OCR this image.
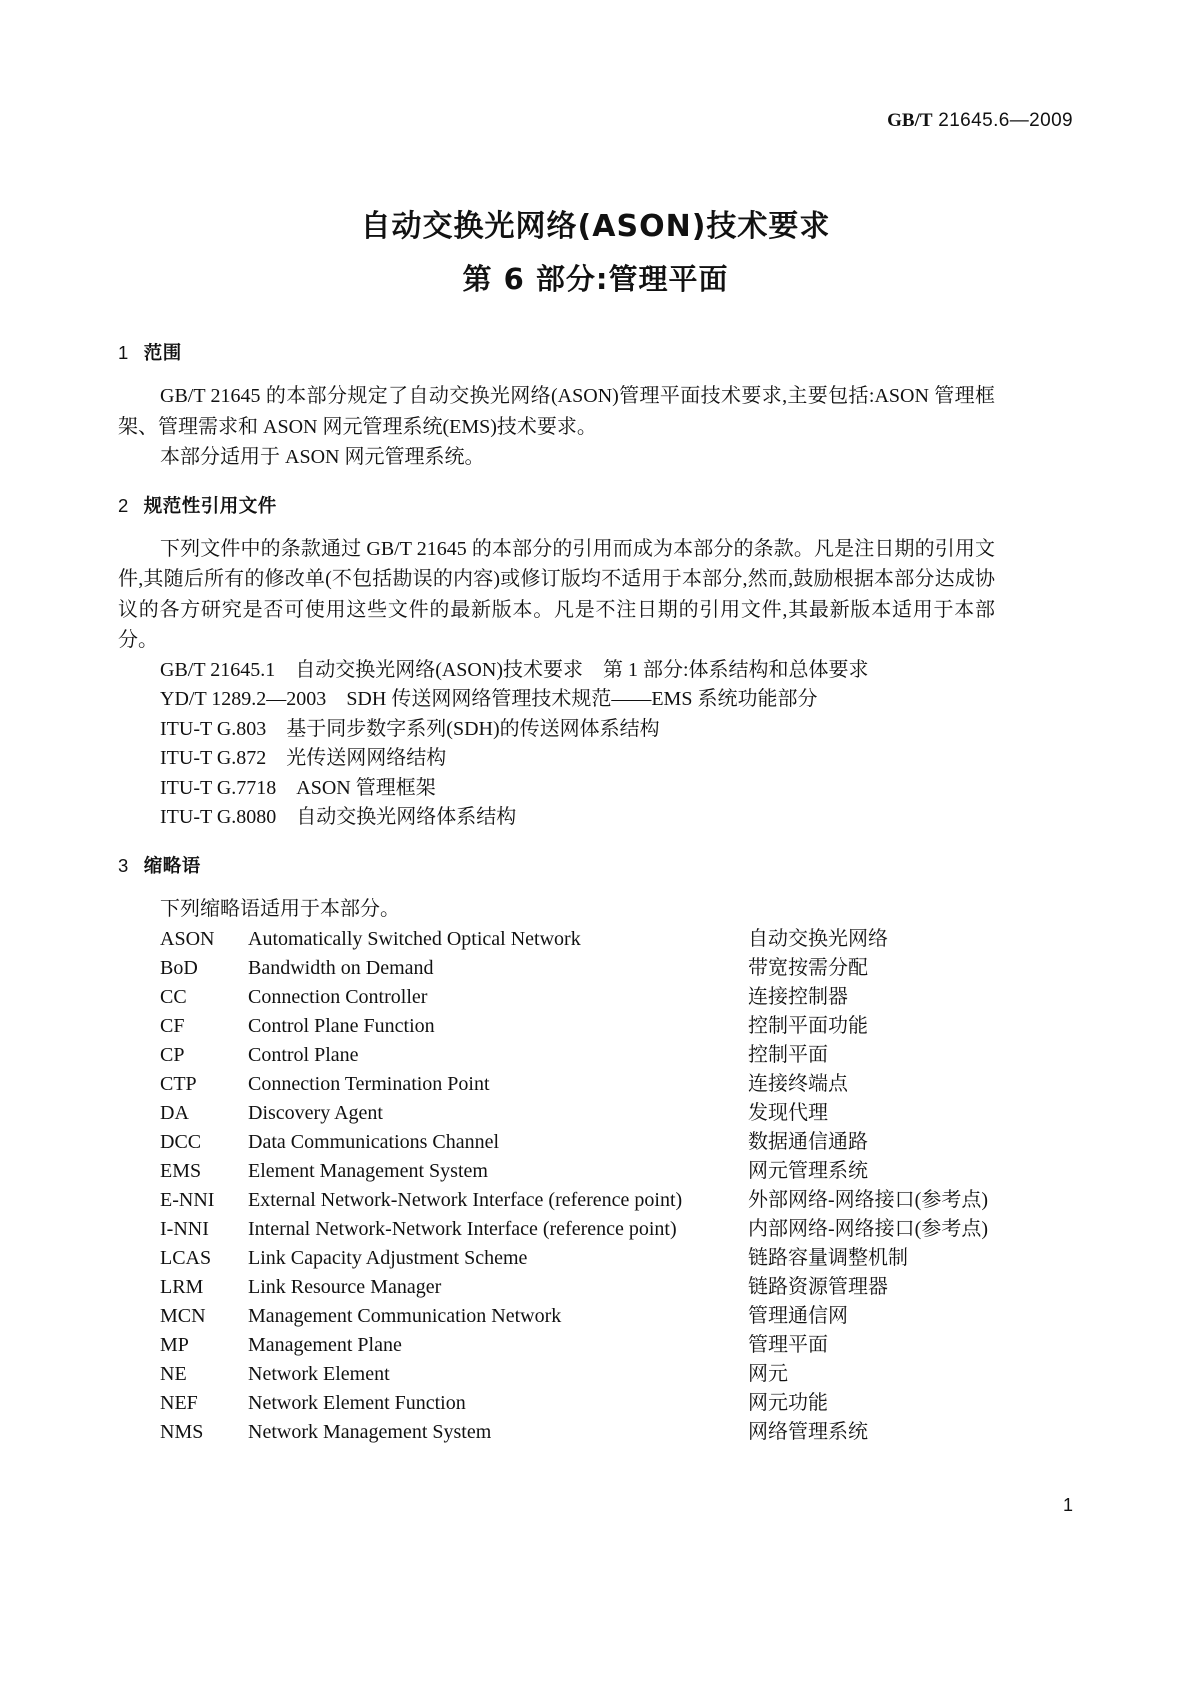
GB/T 21645.6—2009
自动交换光网络(ASON)技术要求
第 6 部分:管理平面
1 范围

GB/T 21645 的本部分规定了自动交换光网络(ASON)管理平面技术要求,主要包括:ASON 管理框架、管理需求和 ASON 网元管理系统(EMS)技术要求。

本部分适用于 ASON 网元管理系统。

2 规范性引用文件

下列文件中的条款通过 GB/T 21645 的本部分的引用而成为本部分的条款。凡是注日期的引用文件,其随后所有的修改单(不包括勘误的内容)或修订版均不适用于本部分,然而,鼓励根据本部分达成协议的各方研究是否可使用这些文件的最新版本。凡是不注日期的引用文件,其最新版本适用于本部分。

GB/T 21645.1 自动交换光网络(ASON)技术要求　第 1 部分:体系结构和总体要求
YD/T 1289.2—2003 SDH 传送网网络管理技术规范——EMS 系统功能部分
ITU-T G.803 基于同步数字系列(SDH)的传送网体系结构
ITU-T G.872 光传送网网络结构
ITU-T G.7718 ASON 管理框架
ITU-T G.8080 自动交换光网络体系结构
3 缩略语

下列缩略语适用于本部分。

ASON	Automatically Switched Optical Network	自动交换光网络
BoD	Bandwidth on Demand	带宽按需分配
CC	Connection Controller	连接控制器
CF	Control Plane Function	控制平面功能
CP	Control Plane	控制平面
CTP	Connection Termination Point	连接终端点
DA	Discovery Agent	发现代理
DCC	Data Communications Channel	数据通信通路
EMS	Element Management System	网元管理系统
E-NNI	External Network-Network Interface (reference point)	外部网络-网络接口(参考点)
I-NNI	Internal Network-Network Interface (reference point)	内部网络-网络接口(参考点)
LCAS	Link Capacity Adjustment Scheme	链路容量调整机制
LRM	Link Resource Manager	链路资源管理器
MCN	Management Communication Network	管理通信网
MP	Management Plane	管理平面
NE	Network Element	网元
NEF	Network Element Function	网元功能
NMS	Network Management System	网络管理系统
1
